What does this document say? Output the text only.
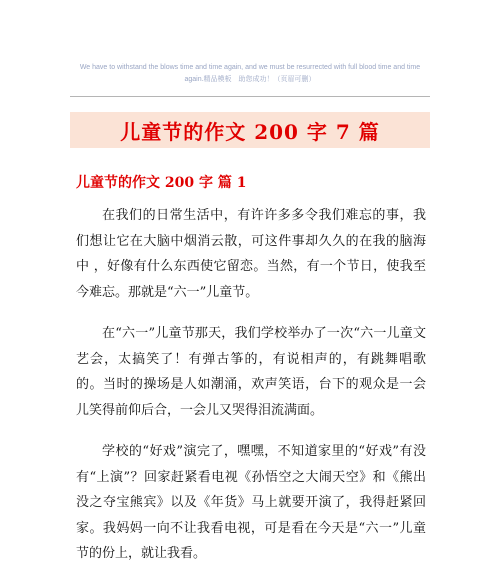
We have to withstand the blows time and time again, and we must be resurrected with full blood time and time
again.精品模板　助您成功！（页眉可删）
儿童节的作文 200 字 7 篇
儿童节的作文 200 字 篇 1

在我们的日常生活中，有许许多多令我们难忘的事，我们想让它在大脑中烟消云散，可这件事却久久的在我的脑海中 ，好像有什么东西使它留恋。当然，有一个节日，使我至今难忘。那就是“六一”儿童节。

在“六一”儿童节那天，我们学校举办了一次“六一儿童文艺会，太搞笑了！有弹古筝的，有说相声的，有跳舞唱歌的。当时的操场是人如潮涌，欢声笑语，台下的观众是一会儿笑得前仰后合，一会儿又哭得泪流满面。

学校的“好戏”演完了，嘿嘿，不知道家里的“好戏”有没有“上演”？回家赶紧看电视《孙悟空之大闹天空》和《熊出没之夺宝熊宾》以及《年货》马上就要开演了，我得赶紧回家。我妈妈一向不让我看电视，可是看在今天是“六一”儿童节的份上，就让我看。
